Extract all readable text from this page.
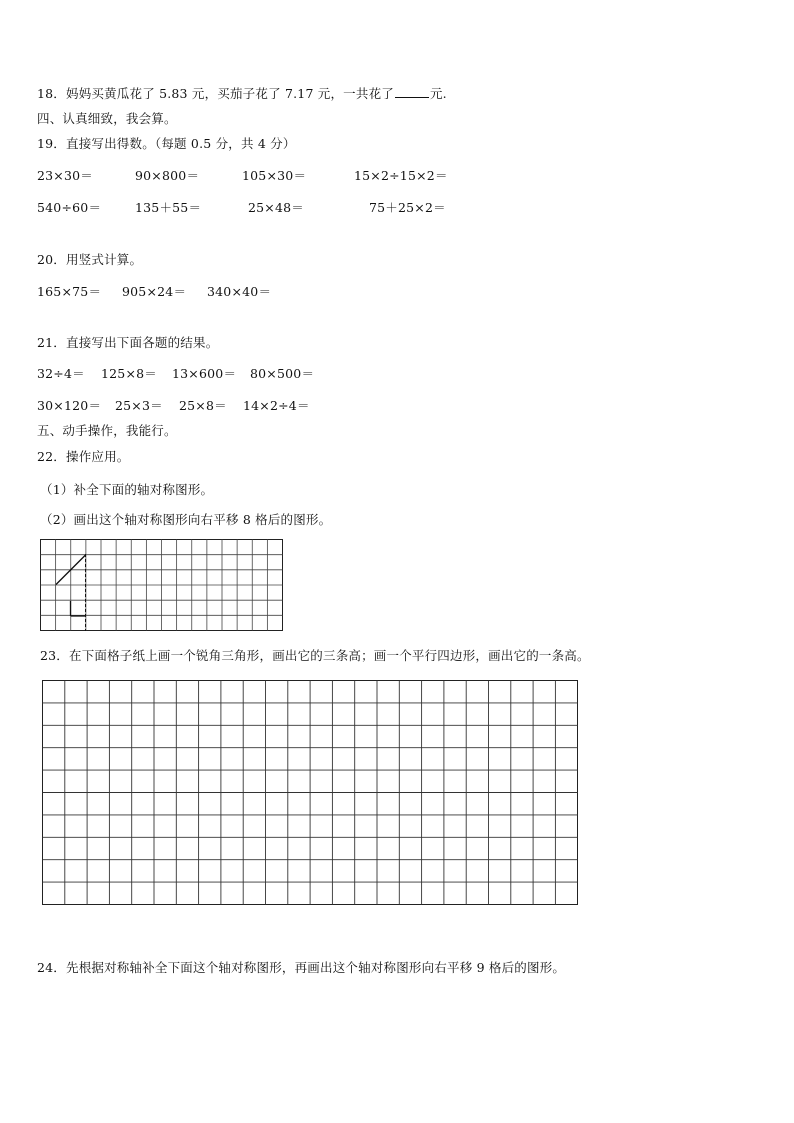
18．妈妈买黄瓜花了 5.83 元，买茄子花了 7.17 元，一共花了	元.
四、认真细致，我会算。
19．直接写出得数。（每题 0.5 分，共 4 分）
23×30＝	90×800＝	105×30＝	15×2÷15×2＝
540÷60＝	135＋55＝	25×48＝	75＋25×2＝
20．用竖式计算。
165×75＝ 905×24＝ 340×40＝
21．直接写出下面各题的结果。
32÷4＝ 125×8＝ 13×600＝ 80×500＝
30×120＝ 25×3＝ 25×8＝ 14×2÷4＝
五、动手操作，我能行。
22．操作应用。
（1）补全下面的轴对称图形。
（2）画出这个轴对称图形向右平移 8 格后的图形。
23．在下面格子纸上画一个锐角三角形，画出它的三条高；画一个平行四边形，画出它的一条高。
24．先根据对称轴补全下面这个轴对称图形，再画出这个轴对称图形向右平移 9 格后的图形。
